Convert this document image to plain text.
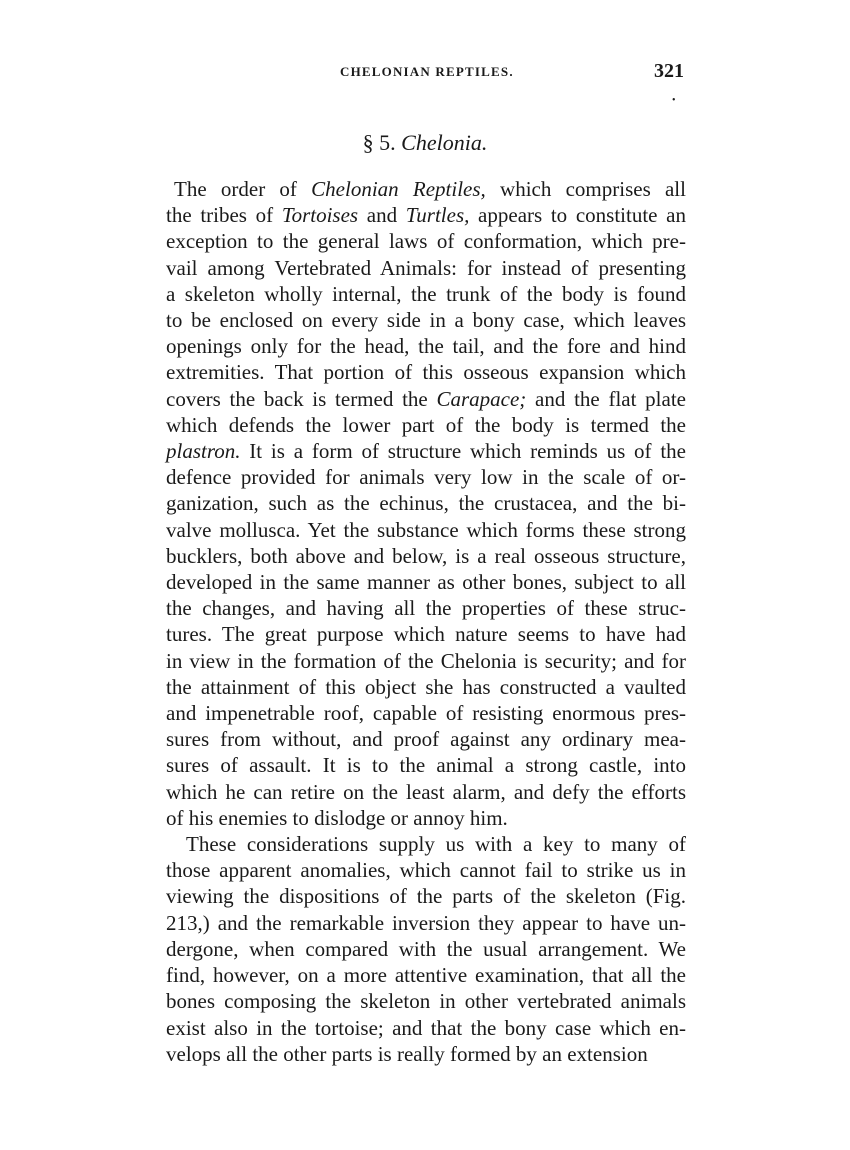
CHELONIAN REPTILES.	321
•
§ 5. Chelonia.
The order of Chelonian Reptiles, which comprises all
the tribes of Tortoises and Turtles, appears to constitute an
exception to the general laws of conformation, which pre-
vail among Vertebrated Animals: for instead of presenting
a skeleton wholly internal, the trunk of the body is found
to be enclosed on every side in a bony case, which leaves
openings only for the head, the tail, and the fore and hind
extremities. That portion of this osseous expansion which
covers the back is termed the Carapace; and the flat plate
which defends the lower part of the body is termed the
plastron. It is a form of structure which reminds us of the
defence provided for animals very low in the scale of or-
ganization, such as the echinus, the crustacea, and the bi-
valve mollusca. Yet the substance which forms these strong
bucklers, both above and below, is a real osseous structure,
developed in the same manner as other bones, subject to all
the changes, and having all the properties of these struc-
tures. The great purpose which nature seems to have had
in view in the formation of the Chelonia is security; and for
the attainment of this object she has constructed a vaulted
and impenetrable roof, capable of resisting enormous pres-
sures from without, and proof against any ordinary mea-
sures of assault. It is to the animal a strong castle, into
which he can retire on the least alarm, and defy the efforts
of his enemies to dislodge or annoy him.
These considerations supply us with a key to many of
those apparent anomalies, which cannot fail to strike us in
viewing the dispositions of the parts of the skeleton (Fig.
213,) and the remarkable inversion they appear to have un-
dergone, when compared with the usual arrangement. We
find, however, on a more attentive examination, that all the
bones composing the skeleton in other vertebrated animals
exist also in the tortoise; and that the bony case which en-
velops all the other parts is really formed by an extension
